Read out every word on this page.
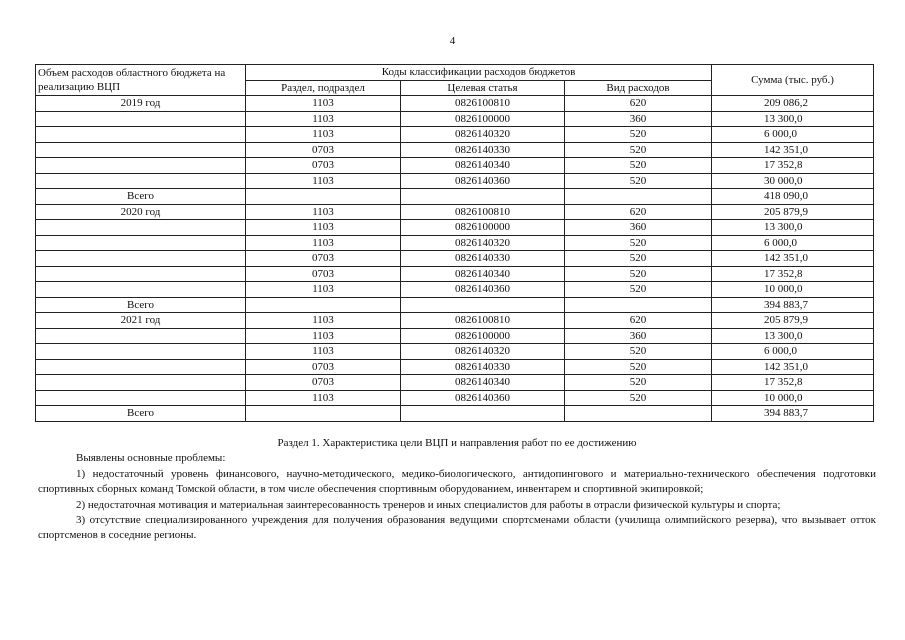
4
Объем расходов областного бюджета на реализацию ВЦП	Коды классификации расходов бюджетов			Сумма (тыс. руб.)
	Раздел, подраздел	Целевая статья	Вид расходов	
2019 год	1103	0826100810	620	209 086,2
	1103	0826100000	360	13 300,0
	1103	0826140320	520	6 000,0
	0703	0826140330	520	142 351,0
	0703	0826140340	520	17 352,8
	1103	0826140360	520	30 000,0
Всего				418 090,0
2020 год	1103	0826100810	620	205 879,9
	1103	0826100000	360	13 300,0
	1103	0826140320	520	6 000,0
	0703	0826140330	520	142 351,0
	0703	0826140340	520	17 352,8
	1103	0826140360	520	10 000,0
Всего				394 883,7
2021 год	1103	0826100810	620	205 879,9
	1103	0826100000	360	13 300,0
	1103	0826140320	520	6 000,0
	0703	0826140330	520	142 351,0
	0703	0826140340	520	17 352,8
	1103	0826140360	520	10 000,0
Всего				394 883,7

Раздел 1. Характеристика цели ВЦП и направления работ по ее достижению

Выявлены основные проблемы:

1) недостаточный уровень финансового, научно-методического, медико-биологического, антидопингового и материально-технического обеспечения подготовки спортивных сборных команд Томской области, в том числе обеспечения спортивным оборудованием, инвентарем и спортивной экипировкой;

2) недостаточная мотивация и материальная заинтересованность тренеров и иных специалистов для работы в отрасли физической культуры и спорта;

3) отсутствие специализированного учреждения для получения образования ведущими спортсменами области (училища олимпийского резерва), что вызывает отток спортсменов в соседние регионы.
